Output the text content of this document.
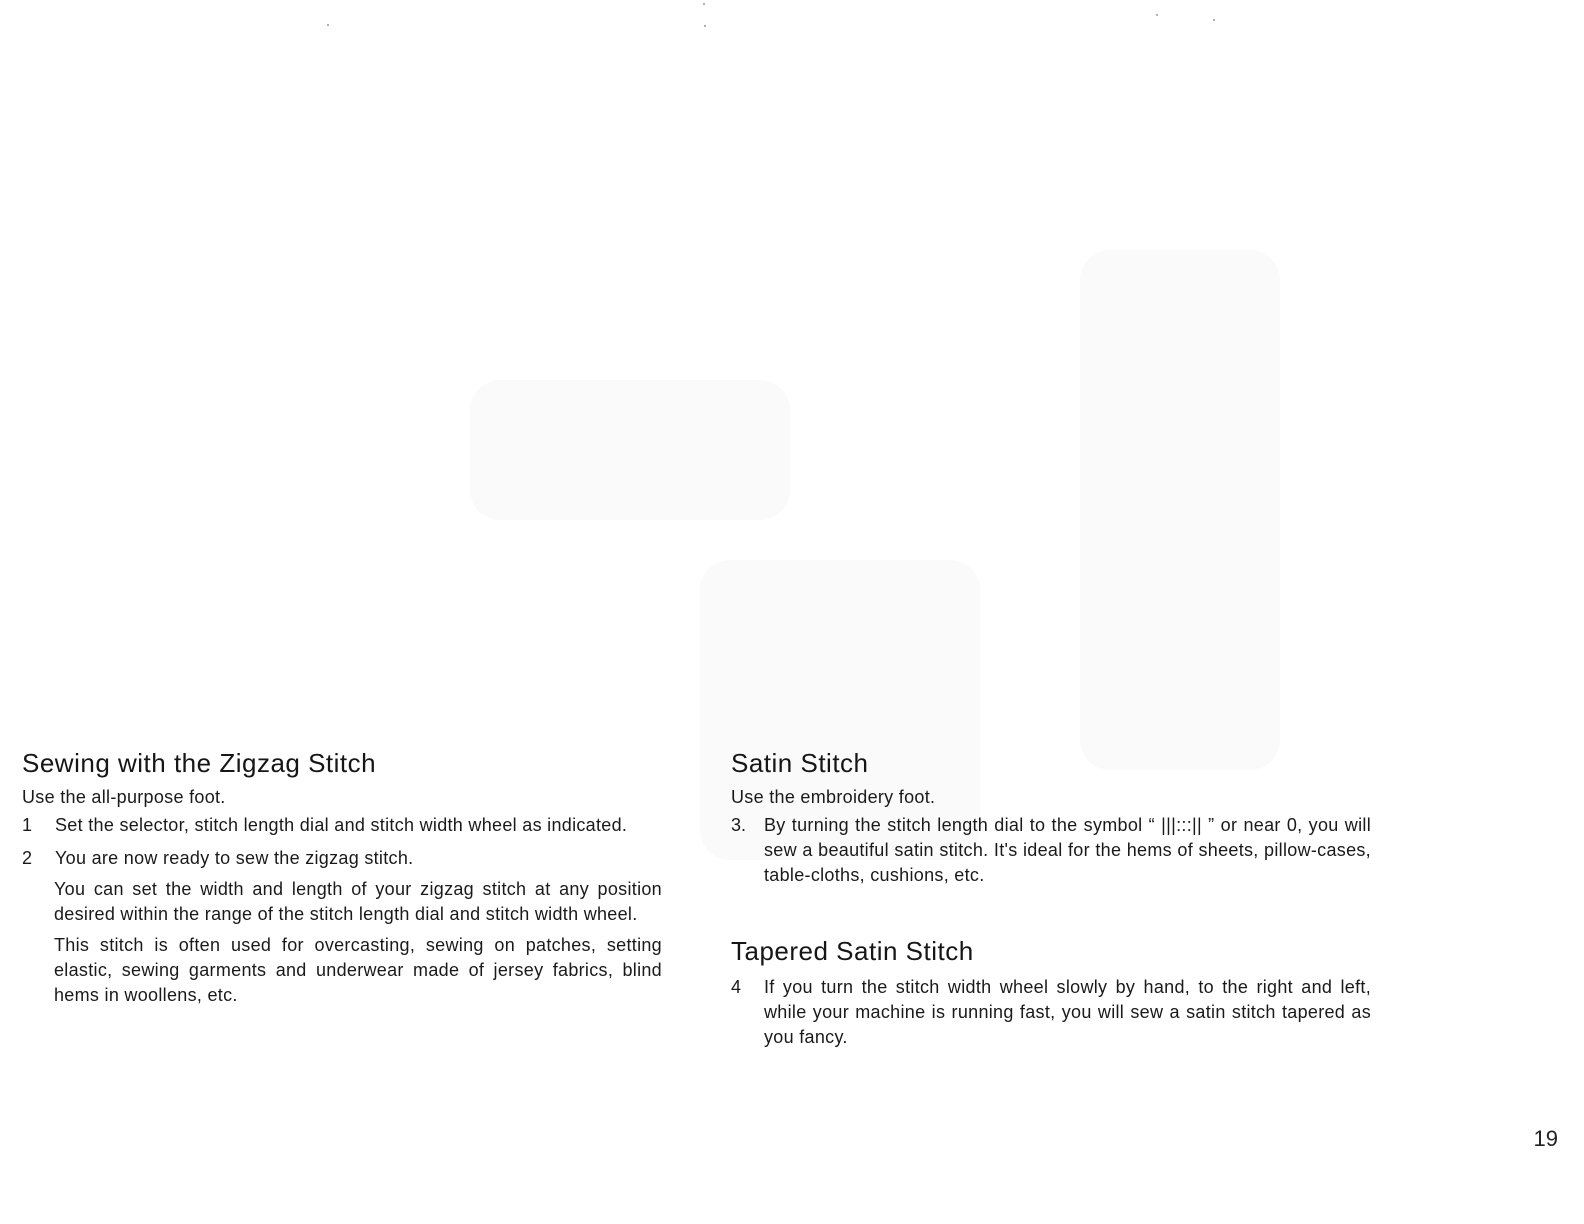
Sewing with the Zigzag Stitch

Use the all-purpose foot.

1	Set the selector, stitch length dial and stitch width wheel as indicated.

2	You are now ready to sew the zigzag stitch.

You can set the width and length of your zigzag stitch at any position desired within the range of the stitch length dial and stitch width wheel.

This stitch is often used for overcasting, sewing on patches, setting elastic, sewing garments and underwear made of jersey fabrics, blind hems in woollens, etc.

Satin Stitch

Use the embroidery foot.

3. By turning the stitch length dial to the symbol “ |||:::|| ” or near 0, you will sew a beautiful satin stitch. It's ideal for the hems of sheets, pillow-cases, table-cloths, cushions, etc.

Tapered Satin Stitch
4	If you turn the stitch width wheel slowly by hand, to the right and left, while your machine is running fast, you will sew a satin stitch tapered as you fancy.

19
